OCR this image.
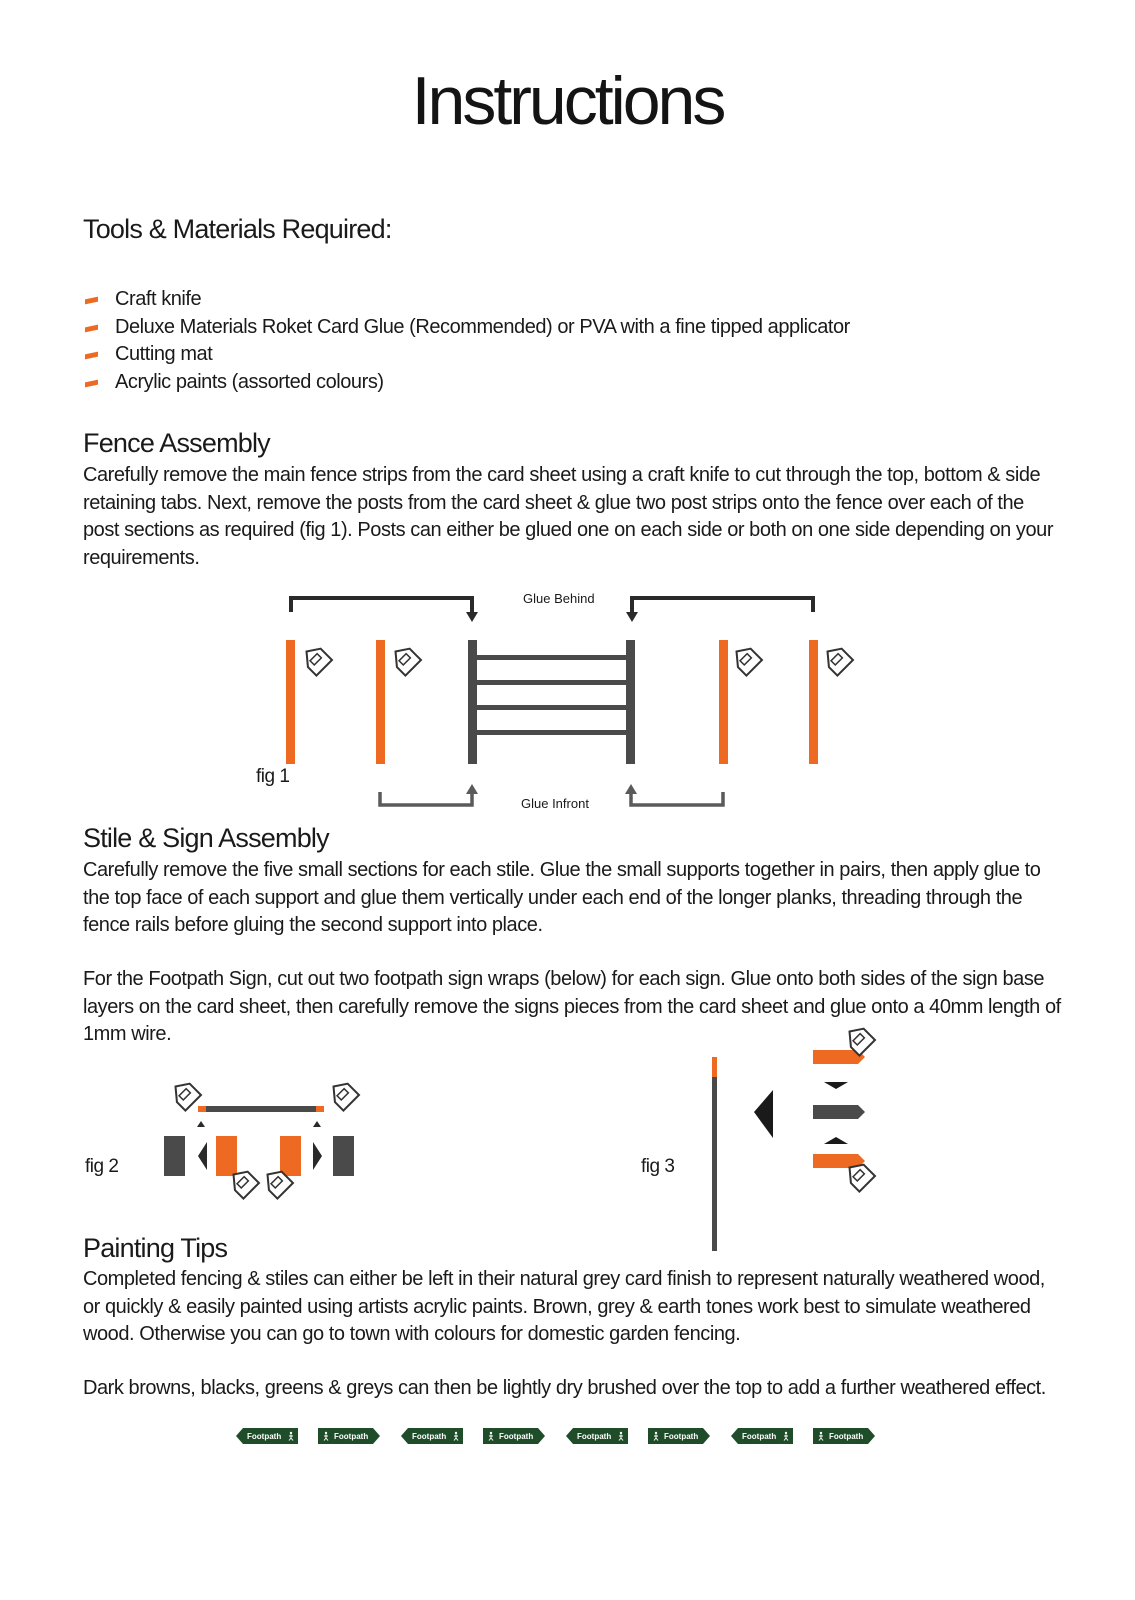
Instructions
Tools & Materials Required:
Craft knife
Deluxe Materials Roket Card Glue (Recommended) or PVA with a fine tipped applicator
Cutting mat
Acrylic paints (assorted colours)
Fence Assembly

Carefully remove the main fence strips from the card sheet using a craft knife to cut through the top, bottom & side retaining tabs. Next, remove the posts from the card sheet & glue two post strips onto the fence over each of the post sections as required (fig 1). Posts can either be glued one on each side or both on one side depending on your requirements.

fig 1
Stile & Sign Assembly

Carefully remove the five small sections for each stile. Glue the small supports together in pairs, then apply glue to the top face of each support and glue them vertically under each end of the longer planks, threading through the fence rails before gluing the second support into place.

For the Footpath Sign, cut out two footpath sign wraps (below) for each sign. Glue onto both sides of the sign base layers on the card sheet, then carefully remove the signs pieces from the card sheet and glue onto a 40mm length of 1mm wire.

fig 2	fig 3
Painting Tips

Completed fencing & stiles can either be left in their natural grey card finish to represent naturally weathered wood, or quickly & easily painted using artists acrylic paints. Brown, grey & earth tones work best to simulate weathered wood. Otherwise you can go to town with colours for domestic garden fencing.

Dark browns, blacks, greens & greys can then be lightly dry brushed over the top to add a further weathered effect.

Glue Behind
Glue Infront
Footpath	Footpath	Footpath	Footpath	Footpath	Footpath	Footpath	Footpath
